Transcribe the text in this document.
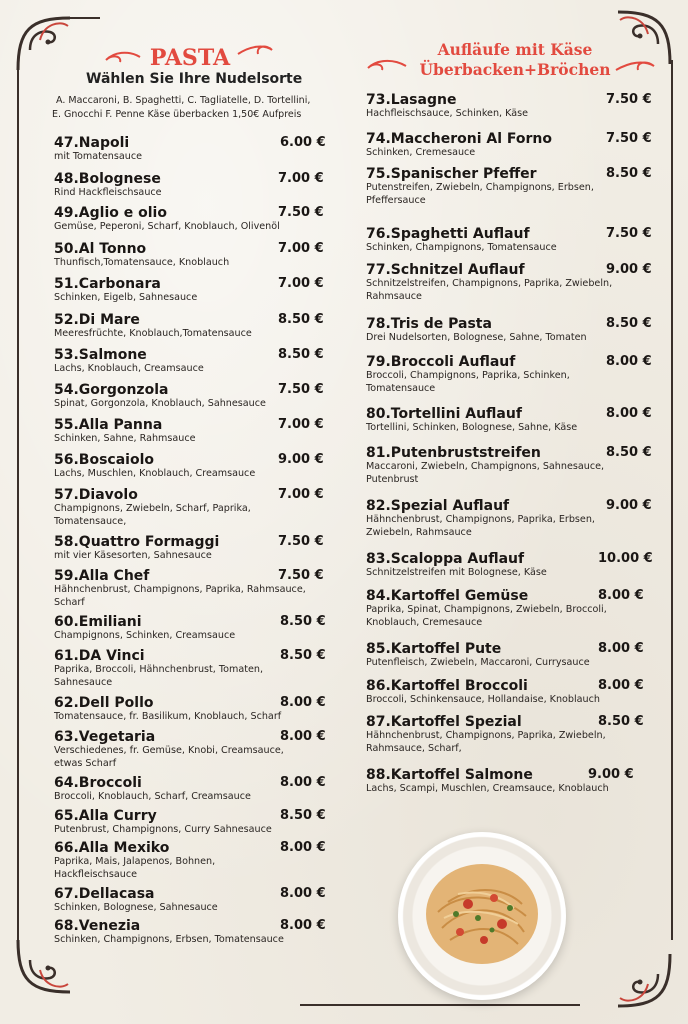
PASTA
Wählen Sie Ihre Nudelsorte
A. Maccaroni, B. Spaghetti, C. Tagliatelle, D. Tortellini,
E. Gnocchi F. Penne Käse überbacken 1,50€ Aufpreis
Aufläufe mit Käse
Überbacken+Bröchen
47.Napoli
mit Tomatensauce
6.00 €
48.Bolognese
Rind Hackfleischsauce
7.00 €
49.Aglio e olio
Gemüse, Peperoni, Scharf, Knoblauch, Olivenöl
7.50 €
50.Al Tonno
Thunfisch,Tomatensauce, Knoblauch
7.00 €
51.Carbonara
Schinken, Eigelb, Sahnesauce
7.00 €
52.Di Mare
Meeresfrüchte, Knoblauch,Tomatensauce
8.50 €
53.Salmone
Lachs, Knoblauch, Creamsauce
8.50 €
54.Gorgonzola
Spinat, Gorgonzola, Knoblauch, Sahnesauce
7.50 €
55.Alla Panna
Schinken, Sahne, Rahmsauce
7.00 €
56.Boscaiolo
Lachs, Muschlen, Knoblauch, Creamsauce
9.00 €
57.Diavolo
Champignons, Zwiebeln, Scharf, Paprika, Tomatensauce,
7.00 €
58.Quattro Formaggi
mit vier Käsesorten, Sahnesauce
7.50 €
59.Alla Chef
Hähnchenbrust, Champignons, Paprika, Rahmsauce, Scharf
7.50 €
60.Emiliani
Champignons, Schinken, Creamsauce
8.50 €
61.DA Vinci
Paprika, Broccoli, Hähnchenbrust, Tomaten, Sahnesauce
8.50 €
62.Dell Pollo
Tomatensauce, fr. Basilikum, Knoblauch, Scharf
8.00 €
63.Vegetaria
Verschiedenes, fr. Gemüse, Knobi, Creamsauce, etwas Scharf
8.00 €
64.Broccoli
Broccoli, Knoblauch, Scharf, Creamsauce
8.00 €
65.Alla Curry
Putenbrust, Champignons, Curry Sahnesauce
8.50 €
66.Alla Mexiko
Paprika, Mais, Jalapenos, Bohnen, Hackfleischsauce
8.00 €
67.Dellacasa
Schinken, Bolognese, Sahnesauce
8.00 €
68.Venezia
Schinken, Champignons, Erbsen, Tomatensauce
8.00 €
73.Lasagne
Hachfleischsauce, Schinken, Käse
7.50 €
74.Maccheroni Al Forno
Schinken, Cremesauce
7.50 €
75.Spanischer Pfeffer
Putenstreifen, Zwiebeln, Champignons, Erbsen, Pfeffersauce
8.50 €
76.Spaghetti Auflauf
Schinken, Champignons, Tomatensauce
7.50 €
77.Schnitzel Auflauf
Schnitzelstreifen, Champignons, Paprika, Zwiebeln, Rahmsauce
9.00 €
78.Tris de Pasta
Drei Nudelsorten, Bolognese, Sahne, Tomaten
8.50 €
79.Broccoli Auflauf
Broccoli, Champignons, Paprika, Schinken, Tomatensauce
8.00 €
80.Tortellini Auflauf
Tortellini, Schinken, Bolognese, Sahne, Käse
8.00 €
81.Putenbruststreifen
Maccaroni, Zwiebeln, Champignons, Sahnesauce, Putenbrust
8.50 €
82.Spezial Auflauf
Hähnchenbrust, Champignons, Paprika, Erbsen, Zwiebeln, Rahmsauce
9.00 €
83.Scaloppa Auflauf
Schnitzelstreifen mit Bolognese, Käse
10.00 €
84.Kartoffel Gemüse
Paprika, Spinat, Champignons, Zwiebeln, Broccoli, Knoblauch, Cremesauce
8.00 €
85.Kartoffel Pute
Putenfleisch, Zwiebeln, Maccaroni, Currysauce
8.00 €
86.Kartoffel Broccoli
Broccoli, Schinkensauce, Hollandaise, Knoblauch
8.00 €
87.Kartoffel Spezial
Hähnchenbrust, Champignons, Paprika, Zwiebeln, Rahmsauce, Scharf,
8.50 €
88.Kartoffel Salmone
Lachs, Scampi, Muschlen, Creamsauce, Knoblauch
9.00 €
